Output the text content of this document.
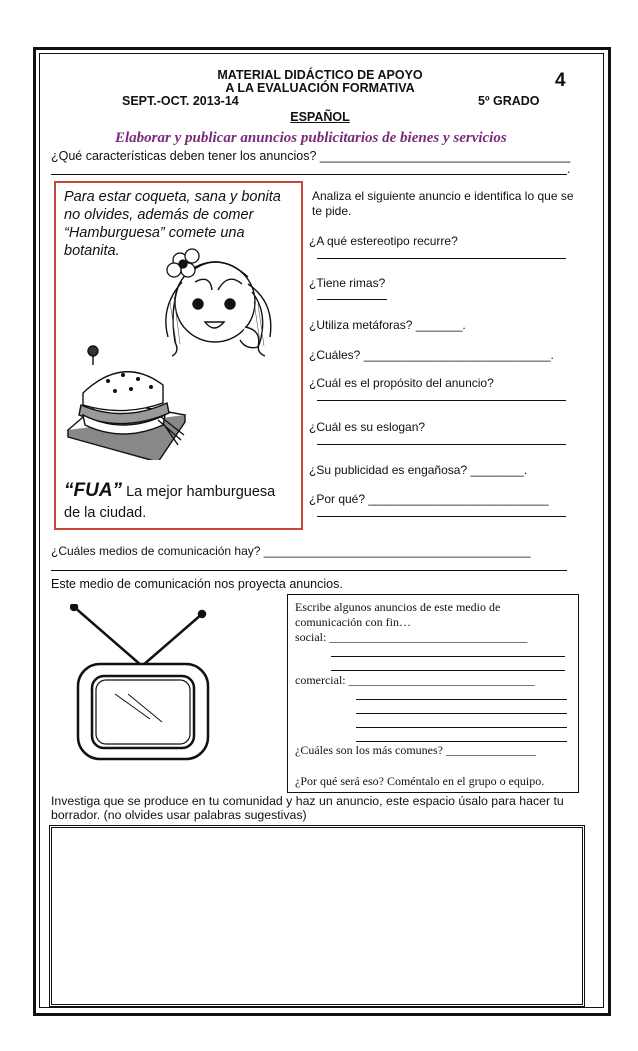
MATERIAL DIDÁCTICO DE APOYO
A LA EVALUACIÓN FORMATIVA
SEPT.-OCT. 2013-14	5º GRADO
4
ESPAÑOL
Elaborar y publicar anuncios publicitarios de bienes y servicios
¿Qué características deben tener los anuncios? ____________________________________
.
Para estar coqueta, sana y bonita no olvides, además de comer “Hamburguesa” comete una botanita.
“FUA” La mejor hamburguesa de la ciudad.
Analiza el siguiente anuncio e identifica lo que se te pide.
¿A qué estereotipo recurre?
¿Tiene rimas?
¿Utiliza metáforas? _______.
¿Cuáles? ____________________________.
¿Cuál es el propósito del anuncio?
¿Cuál es su eslogan?
¿Su publicidad es engañosa? ________.
¿Por qué? ___________________________
¿Cuáles medios de comunicación hay? ________________________________________
Este medio de comunicación nos proyecta anuncios.
Escribe algunos anuncios de este medio de comunicación con fin…
social: _________________________________
comercial: _______________________________
¿Cuáles son los más comunes? _______________
¿Por qué será eso? Coméntalo en el grupo o equipo.
Investiga que se produce en tu comunidad y haz un anuncio, este espacio úsalo para hacer tu borrador. (no olvides usar palabras sugestivas)
